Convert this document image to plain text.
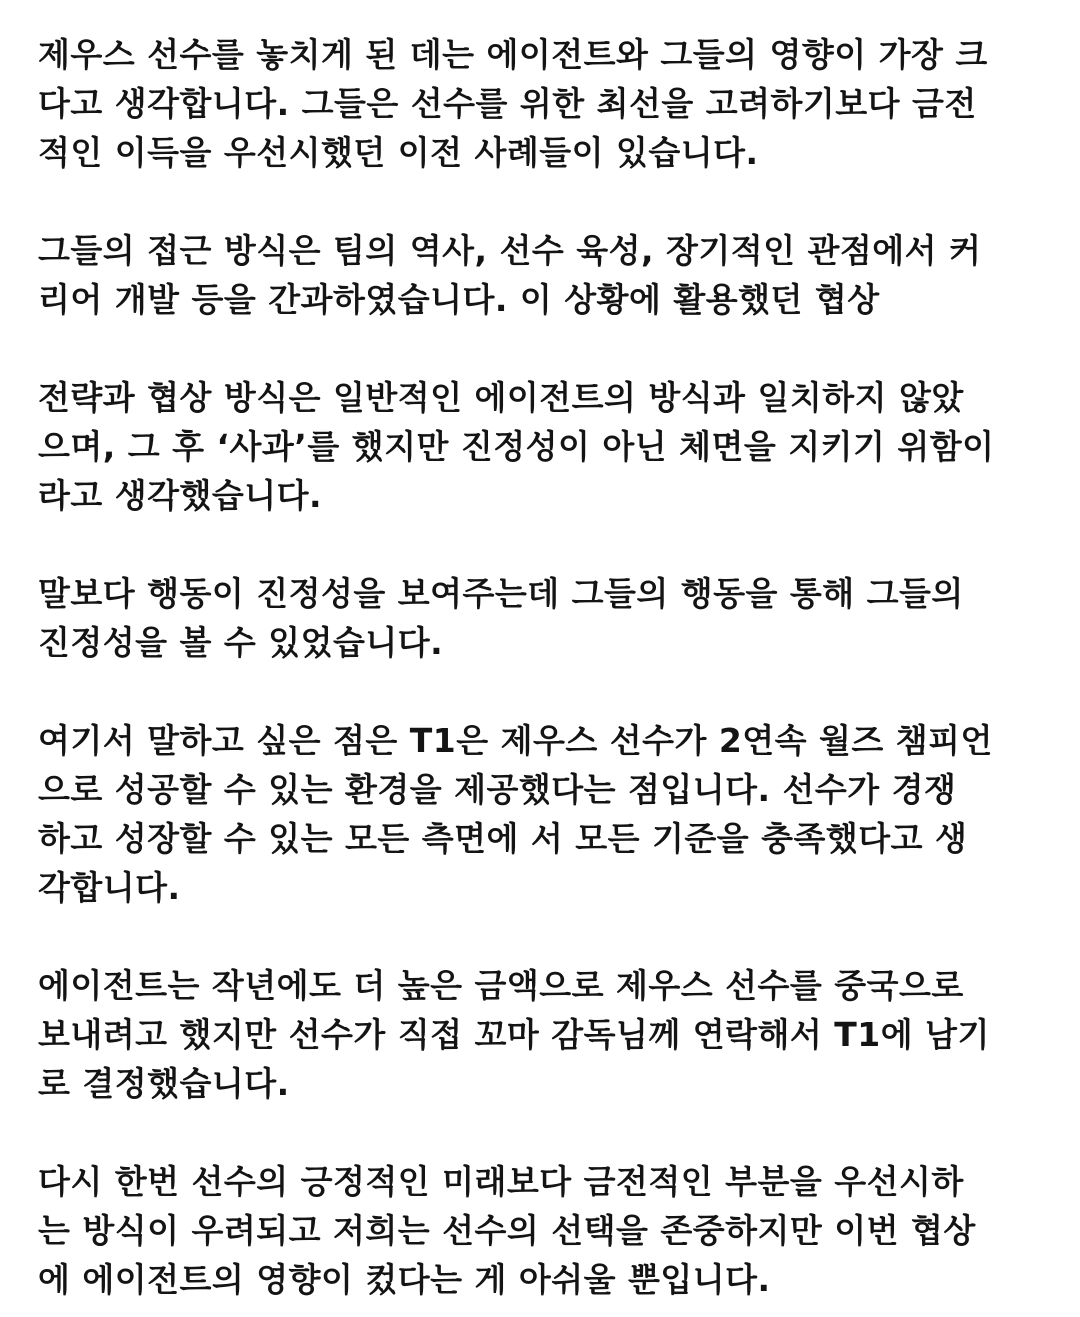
제우스 선수를 놓치게 된 데는 에이전트와 그들의 영향이 가장 크
다고 생각합니다. 그들은 선수를 위한 최선을 고려하기보다 금전
적인 이득을 우선시했던 이전 사례들이 있습니다.

그들의 접근 방식은 팀의 역사, 선수 육성, 장기적인 관점에서 커
리어 개발 등을 간과하였습니다. 이 상황에 활용했던 협상

전략과 협상 방식은 일반적인 에이전트의 방식과 일치하지 않았
으며, 그 후 ‘사과’를 했지만 진정성이 아닌 체면을 지키기 위함이
라고 생각했습니다.

말보다 행동이 진정성을 보여주는데 그들의 행동을 통해 그들의
진정성을 볼 수 있었습니다.

여기서 말하고 싶은 점은 T1은 제우스 선수가 2연속 월즈 챔피언
으로 성공할 수 있는 환경을 제공했다는 점입니다. 선수가 경쟁
하고 성장할 수 있는 모든 측면에 서 모든 기준을 충족했다고 생
각합니다.

에이전트는 작년에도 더 높은 금액으로 제우스 선수를 중국으로
보내려고 했지만 선수가 직접 꼬마 감독님께 연락해서 T1에 남기
로 결정했습니다.

다시 한번 선수의 긍정적인 미래보다 금전적인 부분을 우선시하
는 방식이 우려되고 저희는 선수의 선택을 존중하지만 이번 협상
에 에이전트의 영향이 컸다는 게 아쉬울 뿐입니다.
